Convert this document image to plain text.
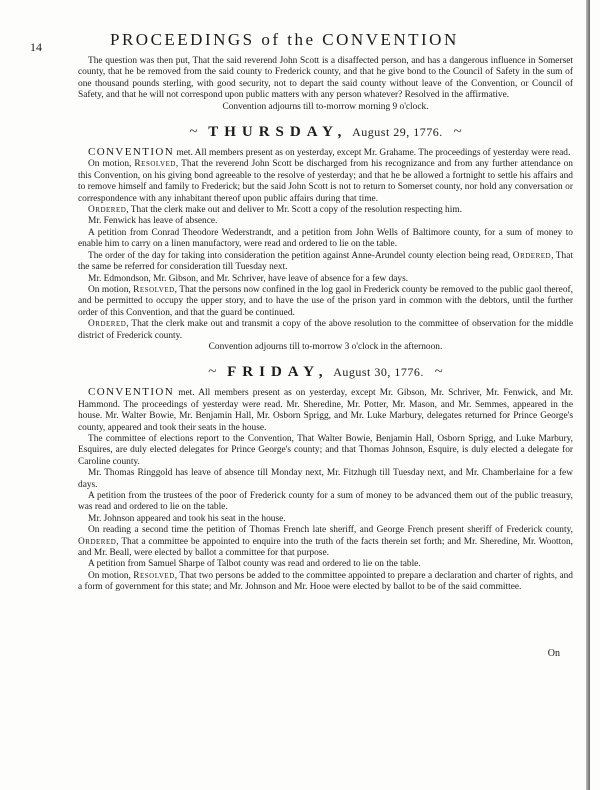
14	PROCEEDINGS of the CONVENTION

The question was then put, That the said reverend John Scott is a disaffected person, and has a dangerous influence in Somerset county, that he be removed from the said county to Frederick county, and that he give bond to the Council of Safety in the sum of one thousand pounds sterling, with good security, not to depart the said county without leave of the Convention, or Council of Safety, and that he will not correspond upon public matters with any person whatever? Resolved in the affirmative.

Convention adjourns till to-morrow morning 9 o'clock.

~ THURSDAY, August 29, 1776. ~

CONVENTION met. All members present as on yesterday, except Mr. Grahame. The proceedings of yesterday were read.

On motion, Resolved, That the reverend John Scott be discharged from his recognizance and from any further attendance on this Convention, on his giving bond agreeable to the resolve of yesterday; and that he be allowed a fortnight to settle his affairs and to remove himself and family to Frederick; but the said John Scott is not to return to Somerset county, nor hold any conversation or correspondence with any inhabitant thereof upon public affairs during that time.

Ordered, That the clerk make out and deliver to Mr. Scott a copy of the resolution respecting him.

Mr. Fenwick has leave of absence.

A petition from Conrad Theodore Wederstrandt, and a petition from John Wells of Baltimore county, for a sum of money to enable him to carry on a linen manufactory, were read and ordered to lie on the table.

The order of the day for taking into consideration the petition against Anne-Arundel county election being read, Ordered, That the same be referred for consideration till Tuesday next.

Mr. Edmondson, Mr. Gibson, and Mr. Schriver, have leave of absence for a few days.

On motion, Resolved, That the persons now confined in the log gaol in Frederick county be removed to the public gaol thereof, and be permitted to occupy the upper story, and to have the use of the prison yard in common with the debtors, until the further order of this Convention, and that the guard be continued.

Ordered, That the clerk make out and transmit a copy of the above resolution to the committee of observation for the middle district of Frederick county.

Convention adjourns till to-morrow 3 o'clock in the afternoon.

~ FRIDAY, August 30, 1776. ~

CONVENTION met. All members present as on yesterday, except Mr. Gibson, Mr. Schriver, Mr. Fenwick, and Mr. Hammond. The proceedings of yesterday were read. Mr. Sheredine, Mr. Potter, Mr. Mason, and Mr. Semmes, appeared in the house. Mr. Walter Bowie, Mr. Benjamin Hall, Mr. Osborn Sprigg, and Mr. Luke Marbury, delegates returned for Prince George's county, appeared and took their seats in the house.

The committee of elections report to the Convention, That Walter Bowie, Benjamin Hall, Osborn Sprigg, and Luke Marbury, Esquires, are duly elected delegates for Prince George's county; and that Thomas Johnson, Esquire, is duly elected a delegate for Caroline county.

Mr. Thomas Ringgold has leave of absence till Monday next, Mr. Fitzhugh till Tuesday next, and Mr. Chamberlaine for a few days.

A petition from the trustees of the poor of Frederick county for a sum of money to be advanced them out of the public treasury, was read and ordered to lie on the table.

Mr. Johnson appeared and took his seat in the house.

On reading a second time the petition of Thomas French late sheriff, and George French present sheriff of Frederick county, Ordered, That a committee be appointed to enquire into the truth of the facts therein set forth; and Mr. Sheredine, Mr. Wootton, and Mr. Beall, were elected by ballot a committee for that purpose.

A petition from Samuel Sharpe of Talbot county was read and ordered to lie on the table.

On motion, Resolved, That two persons be added to the committee appointed to prepare a declaration and charter of rights, and a form of government for this state; and Mr. Johnson and Mr. Hooe were elected by ballot to be of the said committee.

On
